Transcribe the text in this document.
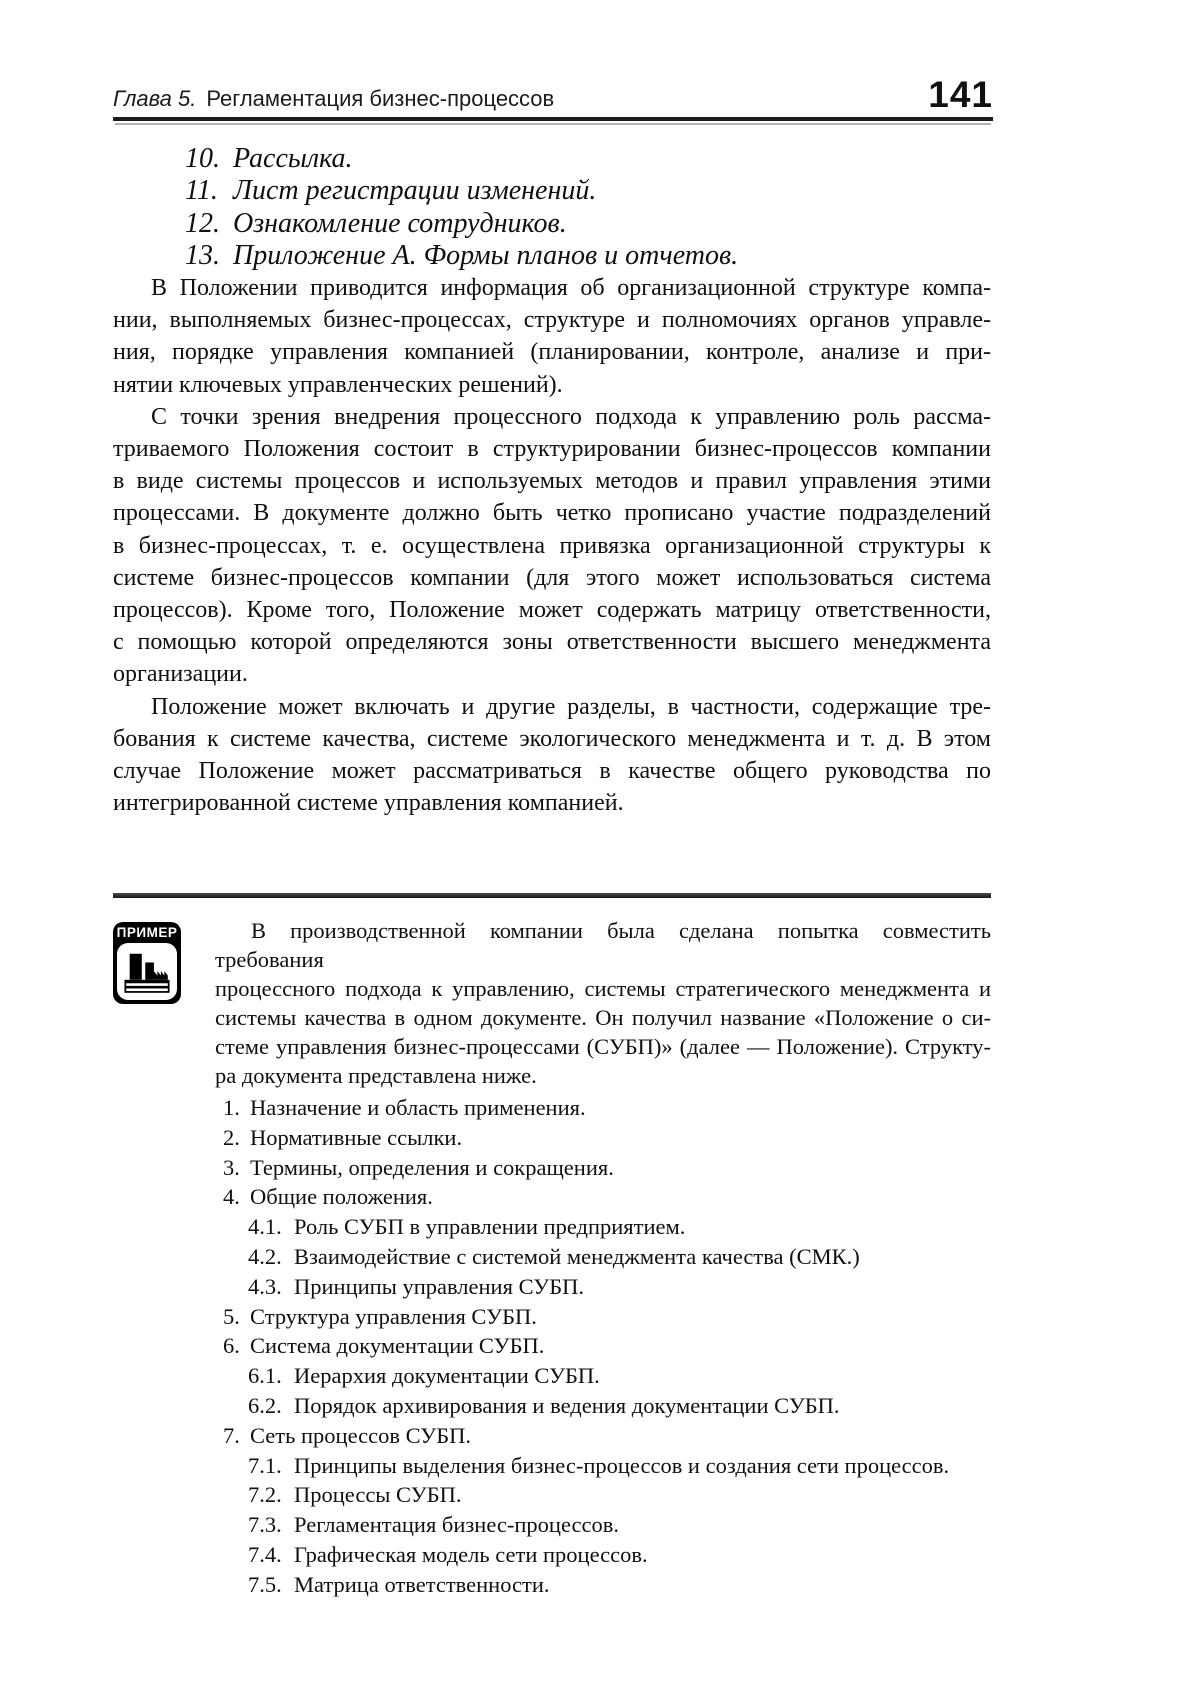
Глава 5. Регламентация бизнес-процессов	141
10. Рассылка.
11. Лист регистрации изменений.
12. Ознакомление сотрудников.
13. Приложение А. Формы планов и отчетов.
В Положении приводится информация об организационной структуре компа-
нии, выполняемых бизнес-процессах, структуре и полномочиях органов управле-
ния, порядке управления компанией (планировании, контроле, анализе и при-
нятии ключевых управленческих решений).
С точки зрения внедрения процессного подхода к управлению роль рассма-
триваемого Положения состоит в структурировании бизнес-процессов компании
в виде системы процессов и используемых методов и правил управления этими
процессами. В документе должно быть четко прописано участие подразделений
в бизнес-процессах, т. е. осуществлена привязка организационной структуры к
системе бизнес-процессов компании (для этого может использоваться система
процессов). Кроме того, Положение может содержать матрицу ответственности,
с помощью которой определяются зоны ответственности высшего менеджмента
организации.
Положение может включать и другие разделы, в частности, содержащие тре-
бования к системе качества, системе экологического менеджмента и т. д. В этом
случае Положение может рассматриваться в качестве общего руководства по
интегрированной системе управления компанией.
ПРИМЕР	В производственной компании была сделана попытка совместить требования
процессного подхода к управлению, системы стратегического менеджмента и
системы качества в одном документе. Он получил название «Положение о си-
стеме управления бизнес-процессами (СУБП)» (далее — Положение). Структу-
ра документа представлена ниже.
1. Назначение и область применения.
2. Нормативные ссылки.
3. Термины, определения и сокращения.
4. Общие положения.
4.1. Роль СУБП в управлении предприятием.
4.2. Взаимодействие с системой менеджмента качества (СМК.)
4.3. Принципы управления СУБП.
5. Структура управления СУБП.
6. Система документации СУБП.
6.1. Иерархия документации СУБП.
6.2. Порядок архивирования и ведения документации СУБП.
7. Сеть процессов СУБП.
7.1. Принципы выделения бизнес-процессов и создания сети процессов.
7.2. Процессы СУБП.
7.3. Регламентация бизнес-процессов.
7.4. Графическая модель сети процессов.
7.5. Матрица ответственности.
